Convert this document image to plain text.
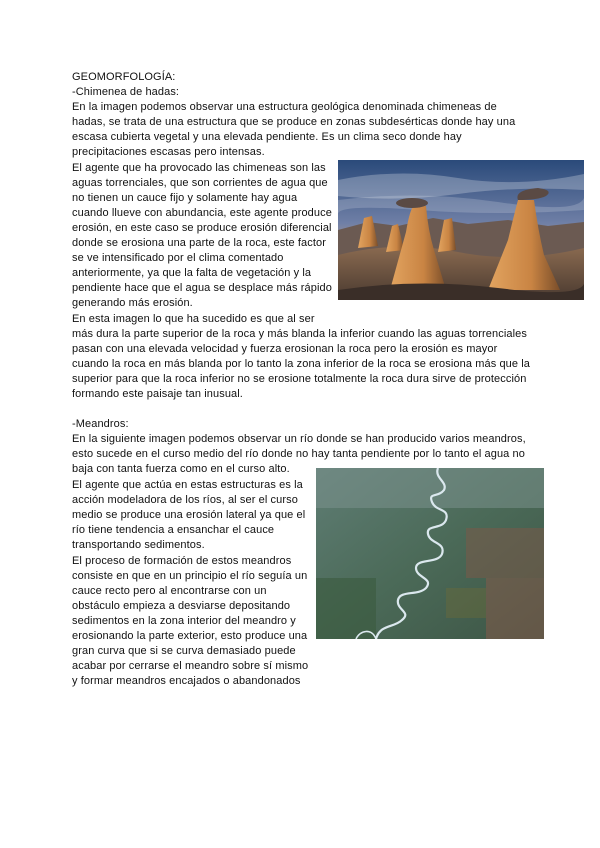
GEOMORFOLOGÍA:
-Chimenea de hadas:
En la imagen podemos observar una estructura geológica denominada chimeneas de
hadas, se trata de una estructura que se produce en zonas subdesérticas donde hay una
escasa cubierta vegetal y una elevada pendiente. Es un clima seco donde hay
precipitaciones escasas pero intensas.
El agente que ha provocado las chimeneas son las
aguas torrenciales, que son corrientes de agua que
no tienen un cauce fijo y solamente hay agua
cuando llueve con abundancia, este agente produce
erosión, en este caso se produce erosión diferencial
donde se erosiona una parte de la roca, este factor
se ve intensificado por el clima comentado
anteriormente, ya que la falta de vegetación y la
pendiente hace que el agua se desplace más rápido
generando más erosión.
En esta imagen lo que ha sucedido es que al ser
más dura la parte superior de la roca y más blanda la inferior cuando las aguas torrenciales
pasan con una elevada velocidad y fuerza erosionan la roca pero la erosión es mayor
cuando la roca en más blanda por lo tanto la zona inferior de la roca se erosiona más que la
superior para que la roca inferior no se erosione totalmente la roca dura sirve de protección
formando este paisaje tan inusual.
-Meandros:
En la siguiente imagen podemos observar un río donde se han producido varios meandros,
esto sucede en el curso medio del río donde no hay tanta pendiente por lo tanto el agua no
baja con tanta fuerza como en el curso alto.
El agente que actúa en estas estructuras es la
acción modeladora de los ríos, al ser el curso
medio se produce una erosión lateral ya que el
río tiene tendencia a ensanchar el cauce
transportando sedimentos.
El proceso de formación de estos meandros
consiste en que en un principio el río seguía un
cauce recto pero al encontrarse con un
obstáculo empieza a desviarse depositando
sedimentos en la zona interior del meandro y
erosionando la parte exterior, esto produce una
gran curva que si se curva demasiado puede
acabar por cerrarse el meandro sobre sí mismo
y formar meandros encajados o abandonados
